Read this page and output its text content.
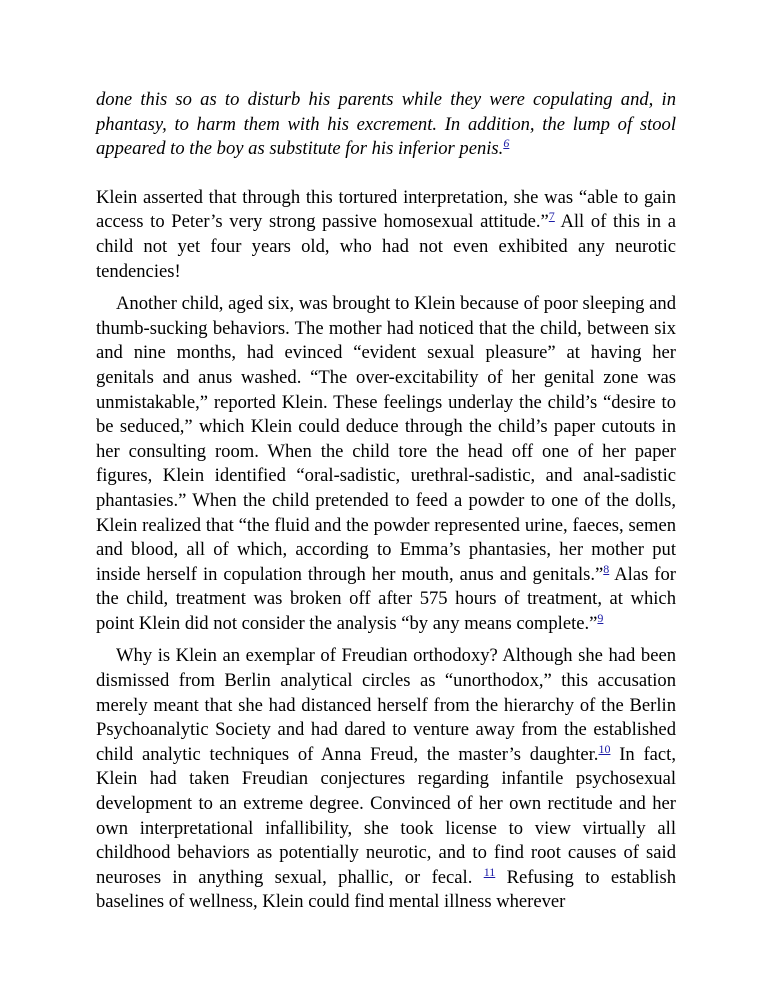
done this so as to disturb his parents while they were copulating and, in phantasy, to harm them with his excrement. In addition, the lump of stool appeared to the boy as substitute for his inferior penis.$^6$

Klein asserted that through this tortured interpretation, she was “able to gain access to Peter’s very strong passive homosexual attitude.”$^7$ All of this in a child not yet four years old, who had not even exhibited any neurotic tendencies!

Another child, aged six, was brought to Klein because of poor sleeping and thumb-sucking behaviors. The mother had noticed that the child, between six and nine months, had evinced “evident sexual pleasure” at having her genitals and anus washed. “The over-excitability of her genital zone was unmistakable,” reported Klein. These feelings underlay the child’s “desire to be seduced,” which Klein could deduce through the child’s paper cutouts in her consulting room. When the child tore the head off one of her paper figures, Klein identified “oral-sadistic, urethral-sadistic, and anal-sadistic phantasies.” When the child pretended to feed a powder to one of the dolls, Klein realized that “the fluid and the powder represented urine, faeces, semen and blood, all of which, according to Emma’s phantasies, her mother put inside herself in copulation through her mouth, anus and genitals.”$^8$ Alas for the child, treatment was broken off after 575 hours of treatment, at which point Klein did not consider the analysis “by any means complete.”$^9$

Why is Klein an exemplar of Freudian orthodoxy? Although she had been dismissed from Berlin analytical circles as “unorthodox,” this accusation merely meant that she had distanced herself from the hierarchy of the Berlin Psychoanalytic Society and had dared to venture away from the established child analytic techniques of Anna Freud, the master’s daughter.$^{10}$ In fact, Klein had taken Freudian conjectures regarding infantile psychosexual development to an extreme degree. Convinced of her own rectitude and her own interpretational infallibility, she took license to view virtually all childhood behaviors as potentially neurotic, and to find root causes of said neuroses in anything sexual, phallic, or fecal. $^{11}$ Refusing to establish baselines of wellness, Klein could find mental illness wherever
